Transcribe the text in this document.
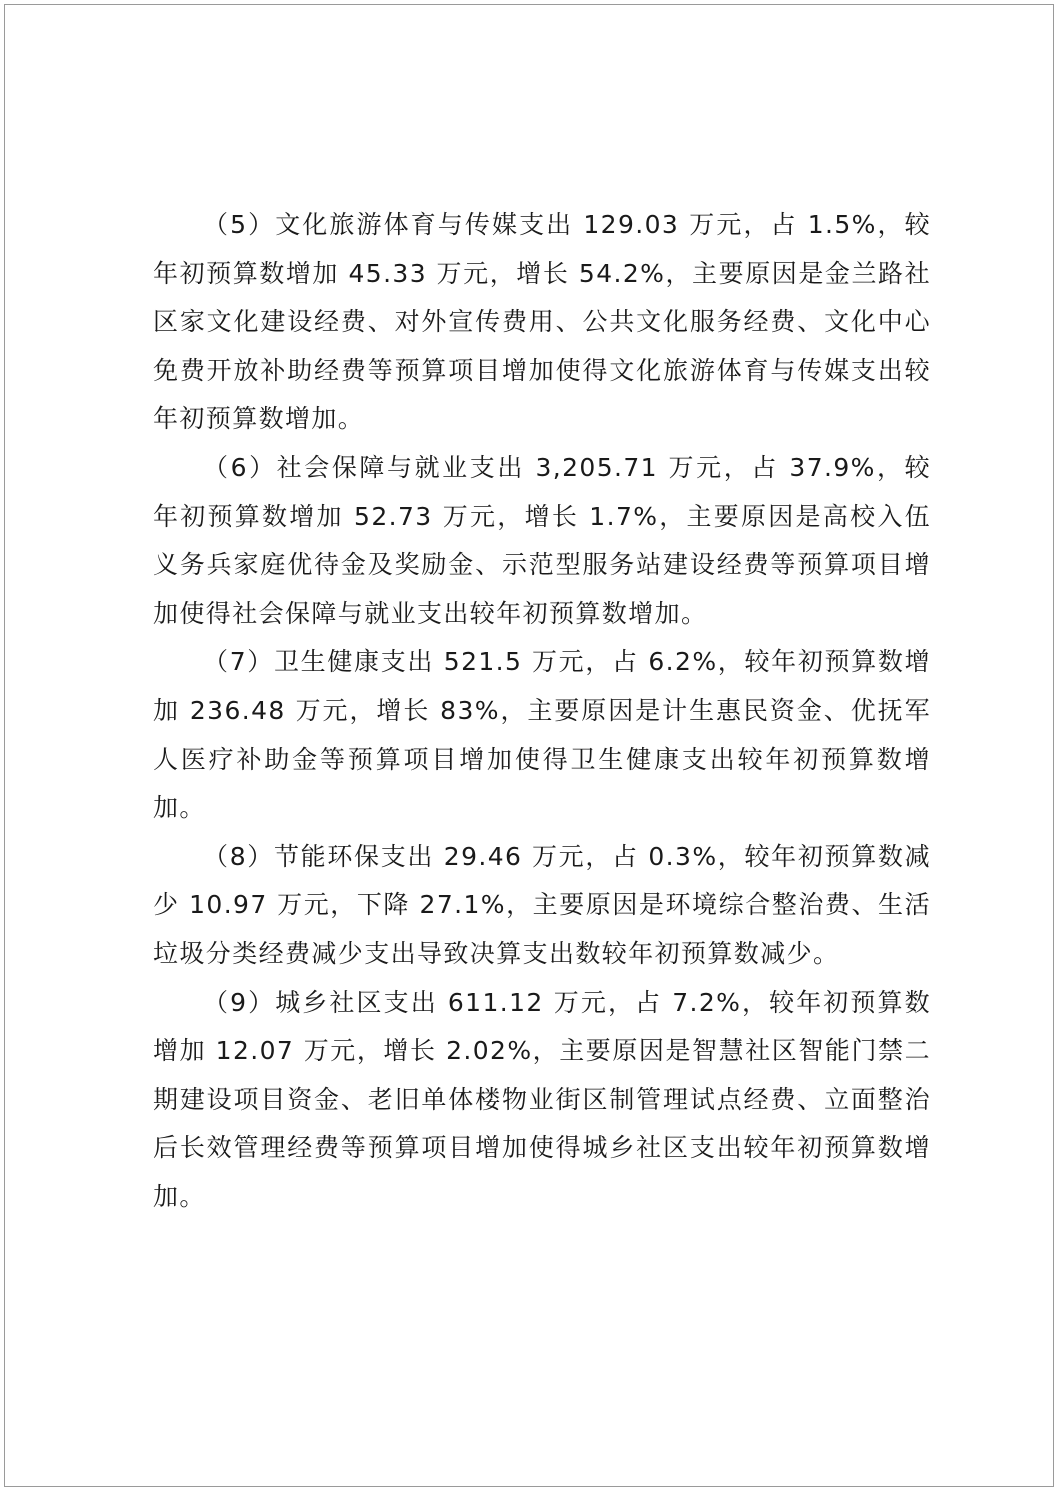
（5）文化旅游体育与传媒支出 129.03 万元，占 1.5%，较年初预算数增加 45.33 万元，增长 54.2%，主要原因是金兰路社区家文化建设经费、对外宣传费用、公共文化服务经费、文化中心免费开放补助经费等预算项目增加使得文化旅游体育与传媒支出较年初预算数增加。

（6）社会保障与就业支出 3,205.71 万元，占 37.9%，较年初预算数增加 52.73 万元，增长 1.7%，主要原因是高校入伍义务兵家庭优待金及奖励金、示范型服务站建设经费等预算项目增加使得社会保障与就业支出较年初预算数增加。

（7）卫生健康支出 521.5 万元，占 6.2%，较年初预算数增加 236.48 万元，增长 83%，主要原因是计生惠民资金、优抚军人医疗补助金等预算项目增加使得卫生健康支出较年初预算数增加。

（8）节能环保支出 29.46 万元，占 0.3%，较年初预算数减少 10.97 万元，下降 27.1%，主要原因是环境综合整治费、生活垃圾分类经费减少支出导致决算支出数较年初预算数减少。

（9）城乡社区支出 611.12 万元，占 7.2%，较年初预算数增加 12.07 万元，增长 2.02%，主要原因是智慧社区智能门禁二期建设项目资金、老旧单体楼物业街区制管理试点经费、立面整治后长效管理经费等预算项目增加使得城乡社区支出较年初预算数增加。
